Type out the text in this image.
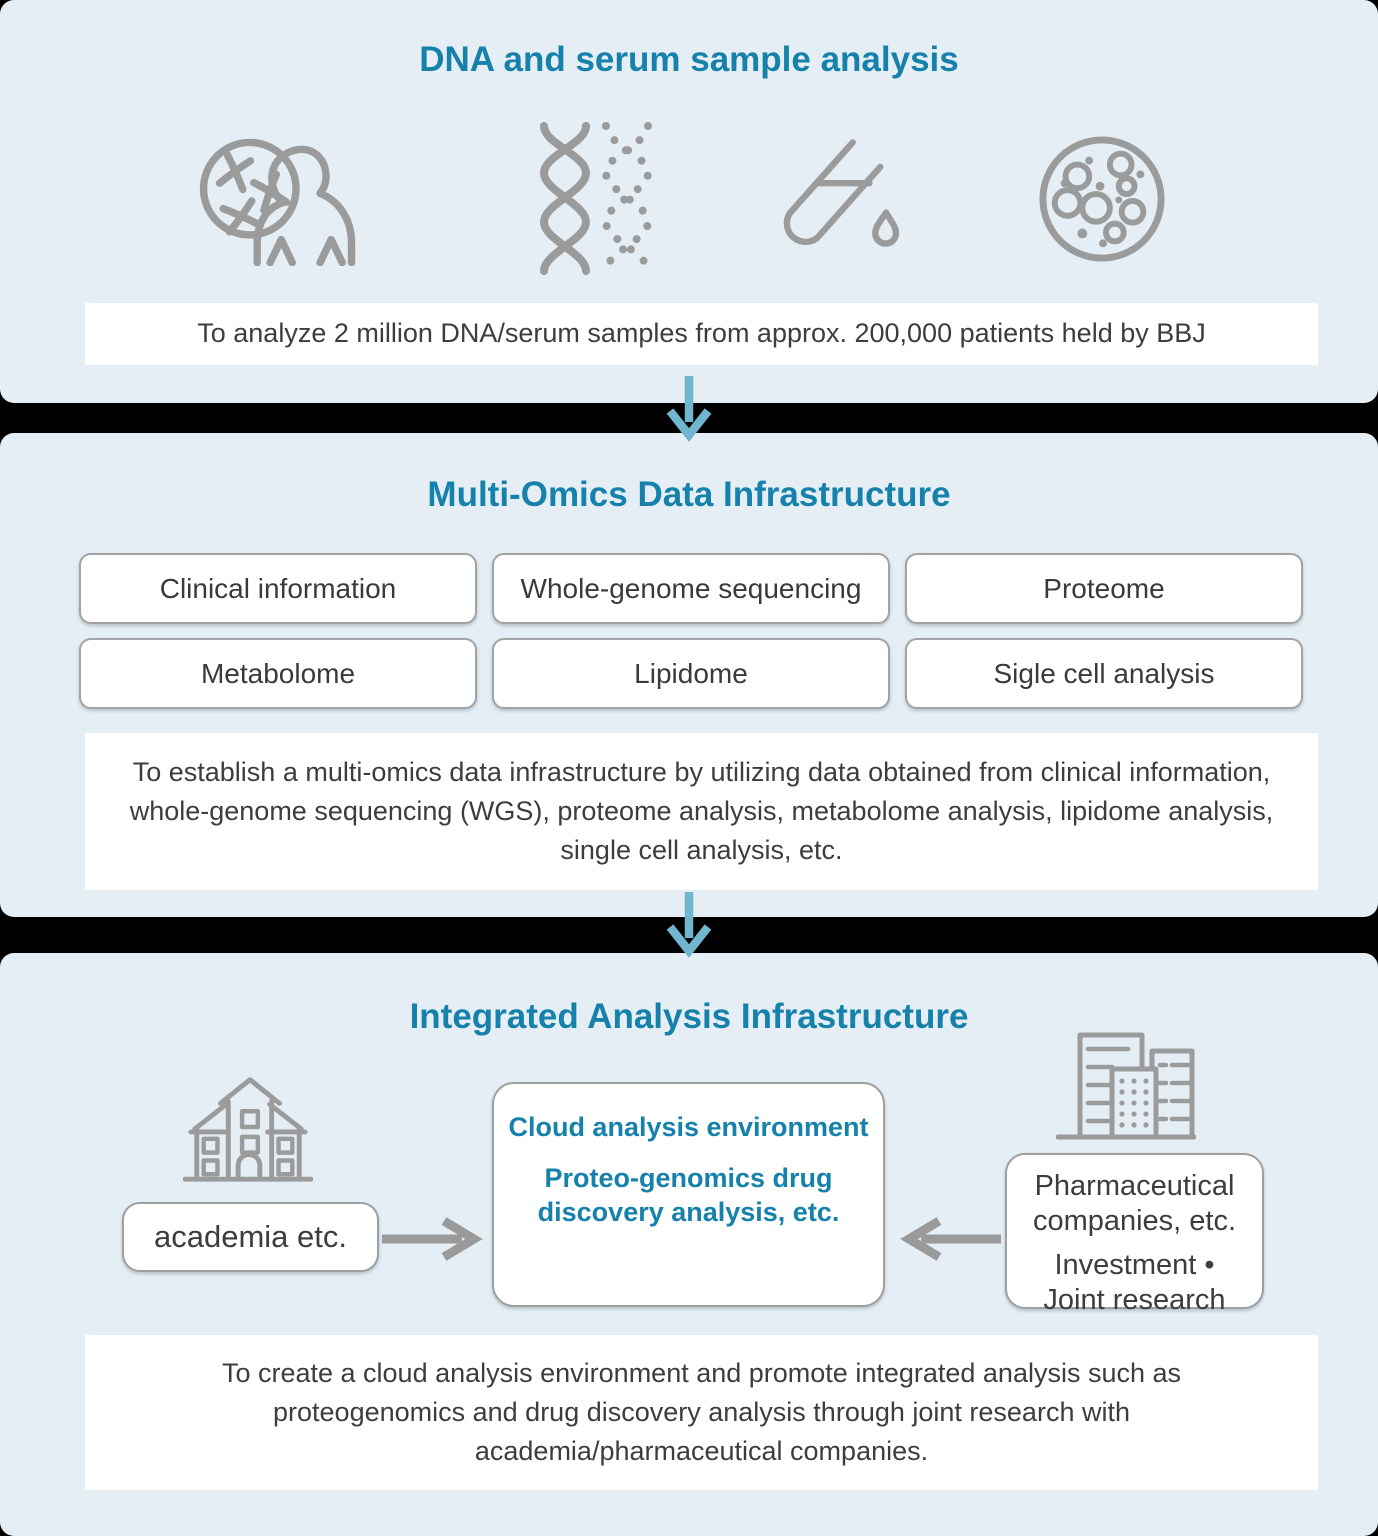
DNA and serum sample analysis
To analyze 2 million DNA/serum samples from approx. 200,000 patients held by BBJ
Multi-Omics Data Infrastructure
Clinical information	Whole-genome sequencing	Proteome
Metabolome	Lipidome	Sigle cell analysis
To establish a multi-omics data infrastructure by utilizing data obtained from clinical information, whole-genome sequencing (WGS), proteome analysis, metabolome analysis, lipidome analysis, single cell analysis, etc.
Integrated Analysis Infrastructure
academia etc.
Cloud analysis environment
Proteo-genomics drug discovery analysis, etc.
Pharmaceutical companies, etc.
Investment •
Joint research
To create a cloud analysis environment and promote integrated analysis such as proteogenomics and drug discovery analysis through joint research with academia/pharmaceutical companies.
